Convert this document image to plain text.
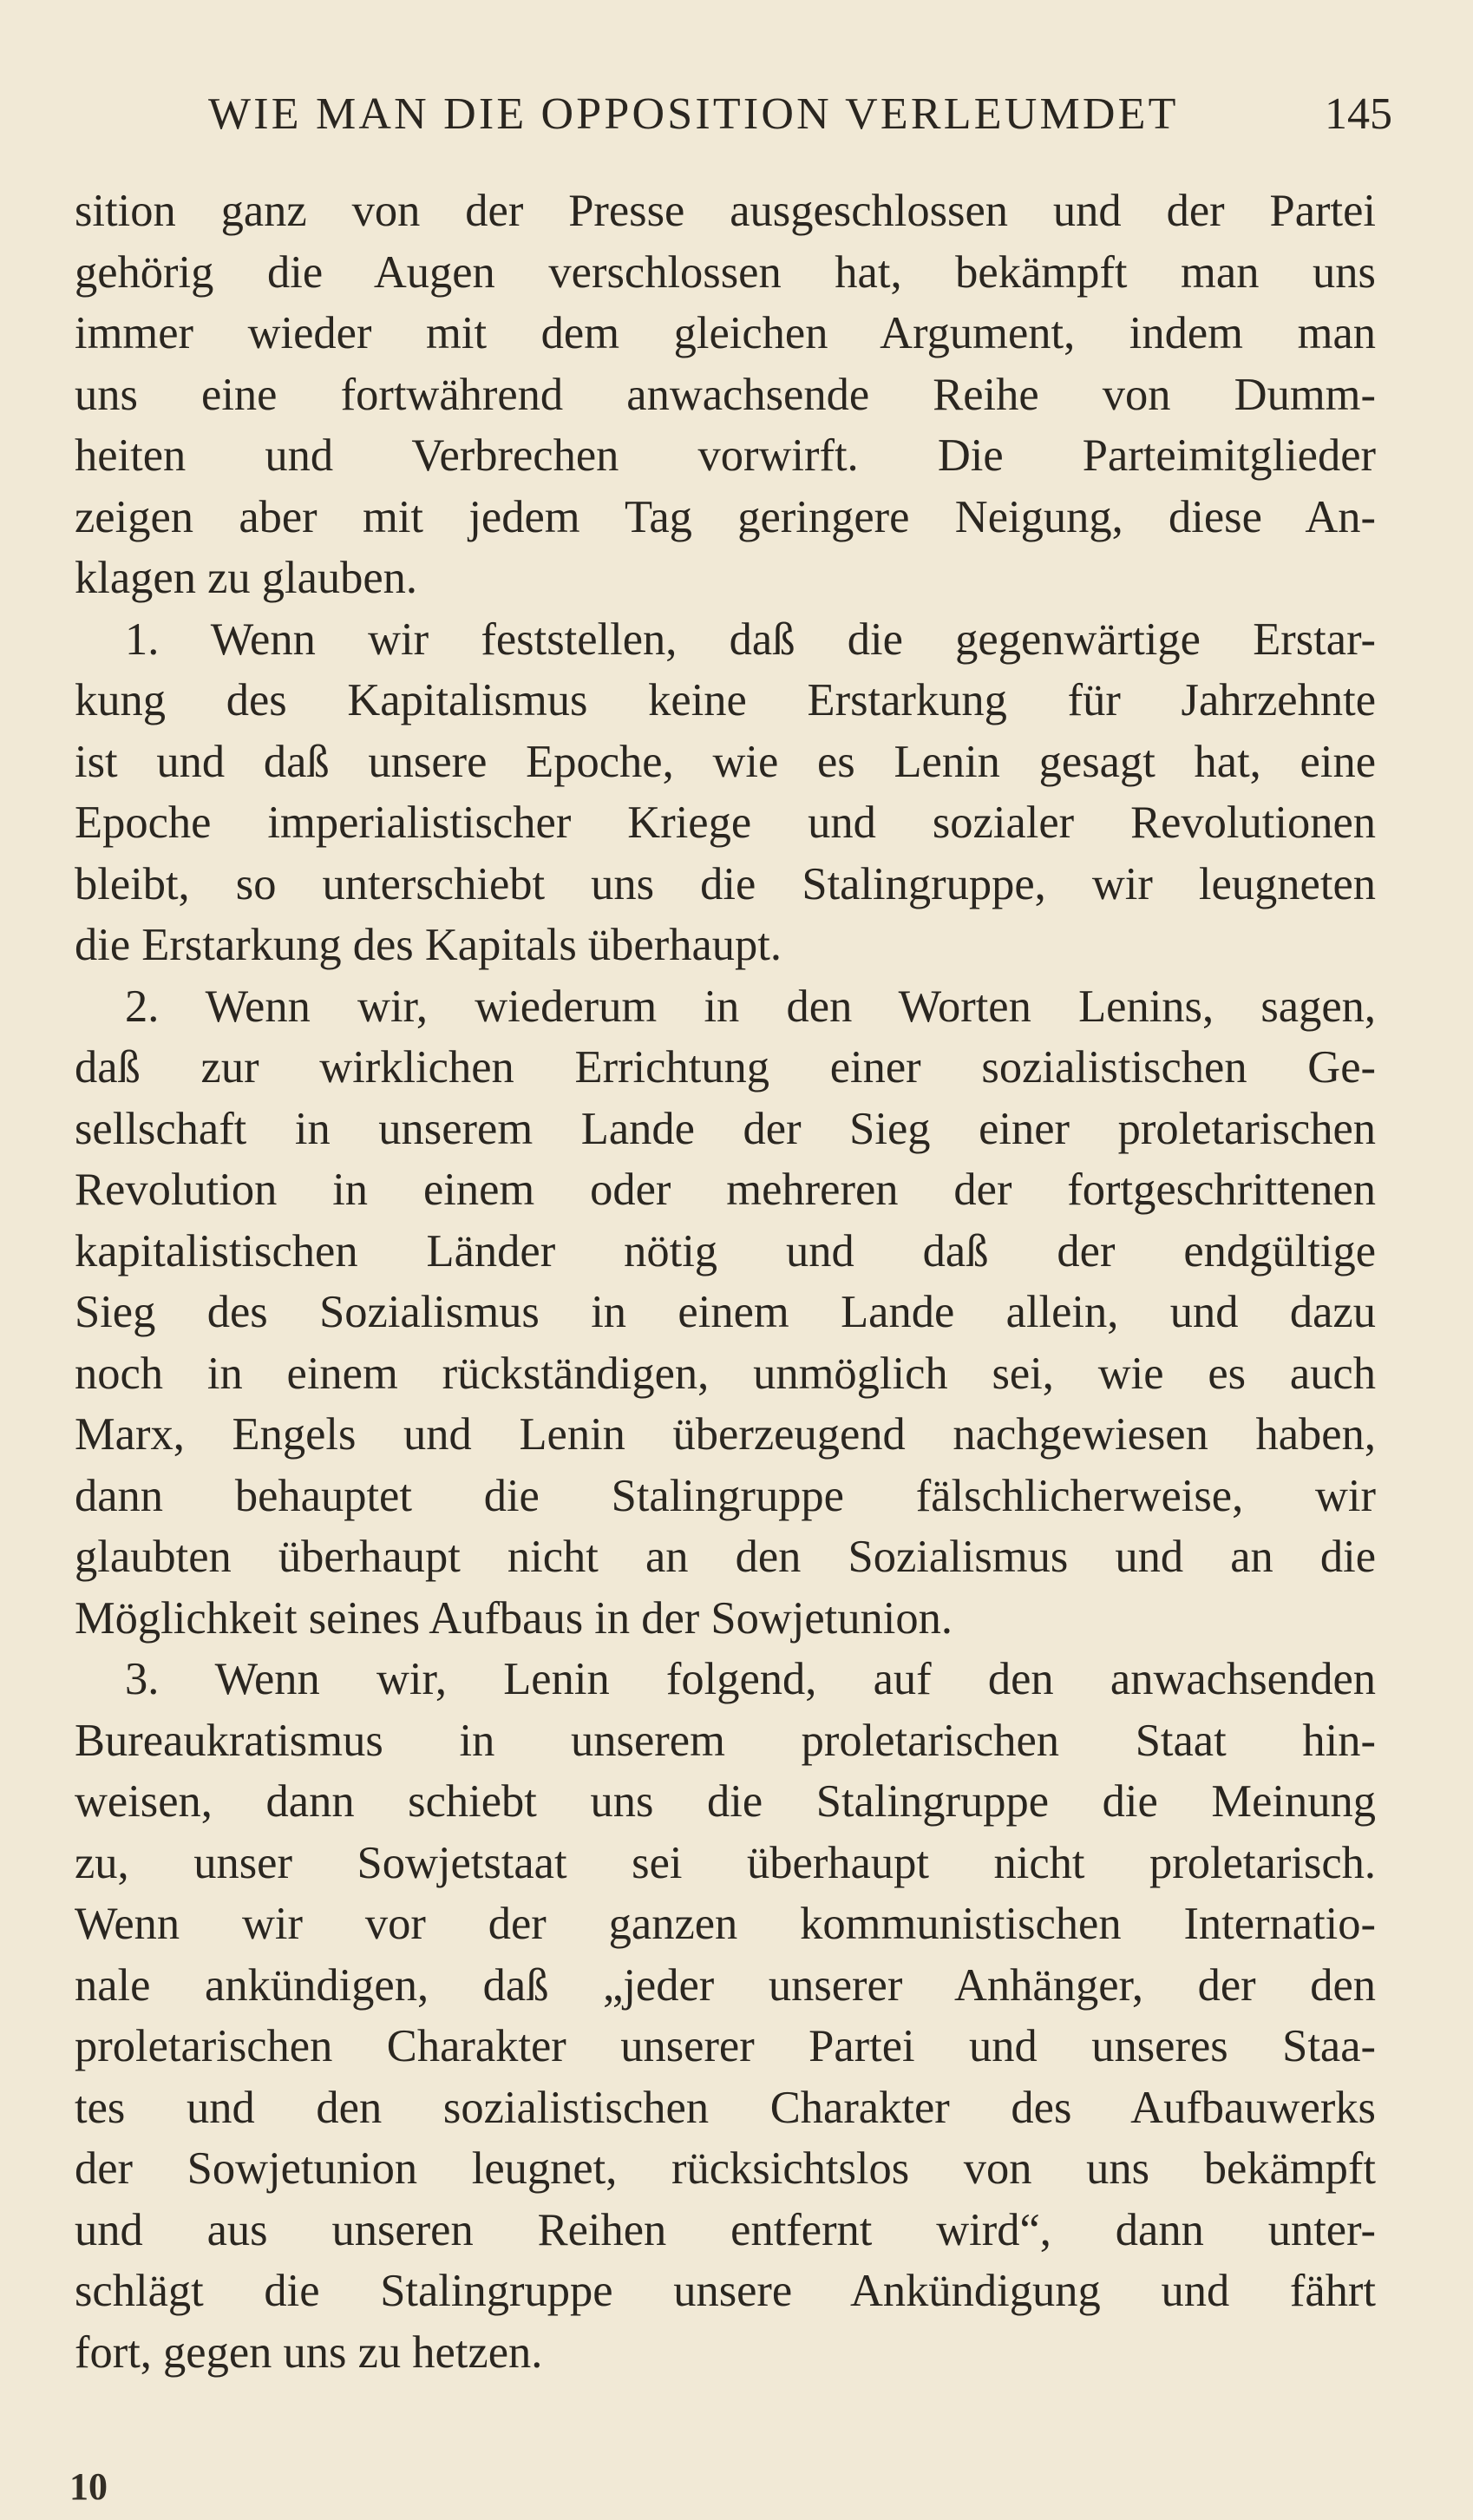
WIE MAN DIE OPPOSITION VERLEUMDET	145
sition ganz von der Presse ausgeschlossen und der Partei
gehörig die Augen verschlossen hat, bekämpft man uns
immer wieder mit dem gleichen Argument, indem man
uns eine fortwährend anwachsende Reihe von Dumm-
heiten und Verbrechen vorwirft. Die Parteimitglieder
zeigen aber mit jedem Tag geringere Neigung, diese An-
klagen zu glauben.
1. Wenn wir feststellen, daß die gegenwärtige Erstar-
kung des Kapitalismus keine Erstarkung für Jahrzehnte
ist und daß unsere Epoche, wie es Lenin gesagt hat, eine
Epoche imperialistischer Kriege und sozialer Revolutionen
bleibt, so unterschiebt uns die Stalingruppe, wir leugneten
die Erstarkung des Kapitals überhaupt.
2. Wenn wir, wiederum in den Worten Lenins, sagen,
daß zur wirklichen Errichtung einer sozialistischen Ge-
sellschaft in unserem Lande der Sieg einer proletarischen
Revolution in einem oder mehreren der fortgeschrittenen
kapitalistischen Länder nötig und daß der endgültige
Sieg des Sozialismus in einem Lande allein, und dazu
noch in einem rückständigen, unmöglich sei, wie es auch
Marx, Engels und Lenin überzeugend nachgewiesen haben,
dann behauptet die Stalingruppe fälschlicherweise, wir
glaubten überhaupt nicht an den Sozialismus und an die
Möglichkeit seines Aufbaus in der Sowjetunion.
3. Wenn wir, Lenin folgend, auf den anwachsenden
Bureaukratismus in unserem proletarischen Staat hin-
weisen, dann schiebt uns die Stalingruppe die Meinung
zu, unser Sowjetstaat sei überhaupt nicht proletarisch.
Wenn wir vor der ganzen kommunistischen Internatio-
nale ankündigen, daß „jeder unserer Anhänger, der den
proletarischen Charakter unserer Partei und unseres Staa-
tes und den sozialistischen Charakter des Aufbauwerks
der Sowjetunion leugnet, rücksichtslos von uns bekämpft
und aus unseren Reihen entfernt wird“, dann unter-
schlägt die Stalingruppe unsere Ankündigung und fährt
fort, gegen uns zu hetzen.
10
